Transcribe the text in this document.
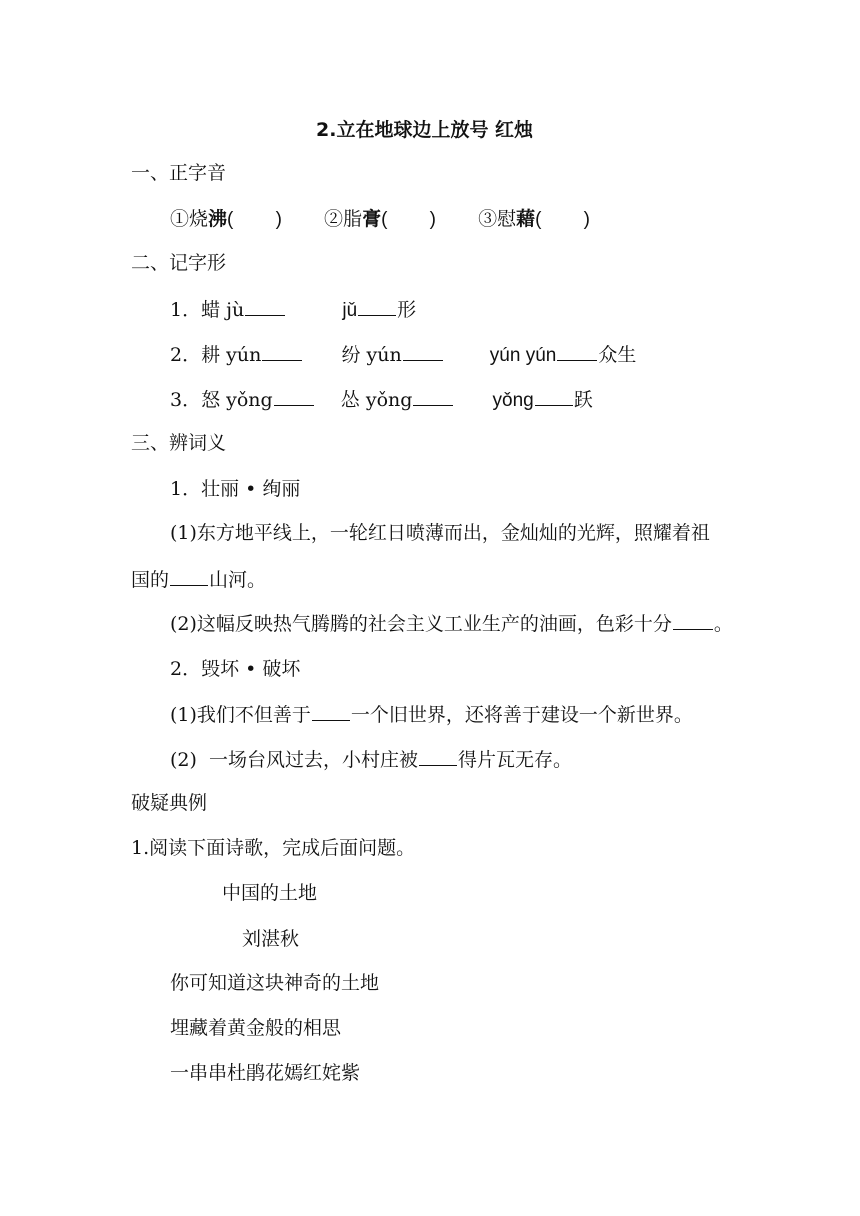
2.立在地球边上放号 红烛
一、正字音
①烧沸(        ) ②脂膏(        ) ③慰藉(        )
二、记字形
1．蜡 jù	jǔ 形
2．耕 yún	纷 yún	yún yún 众生
3．怒 yǒng	怂 yǒng	yǒng 跃
三、辨词义
1．壮丽 • 绚丽
(1)东方地平线上，一轮红日喷薄而出，金灿灿的光辉，照耀着祖
国的 山河。
(2)这幅反映热气腾腾的社会主义工业生产的油画，色彩十分 。
2．毁坏 • 破坏
(1)我们不但善于 一个旧世界，还将善于建设一个新世界。
(2)  一场台风过去，小村庄被 得片瓦无存。
破疑典例
1.阅读下面诗歌，完成后面问题。
中国的土地
刘湛秋
你可知道这块神奇的土地
埋藏着黄金般的相思
一串串杜鹃花嫣红姹紫
